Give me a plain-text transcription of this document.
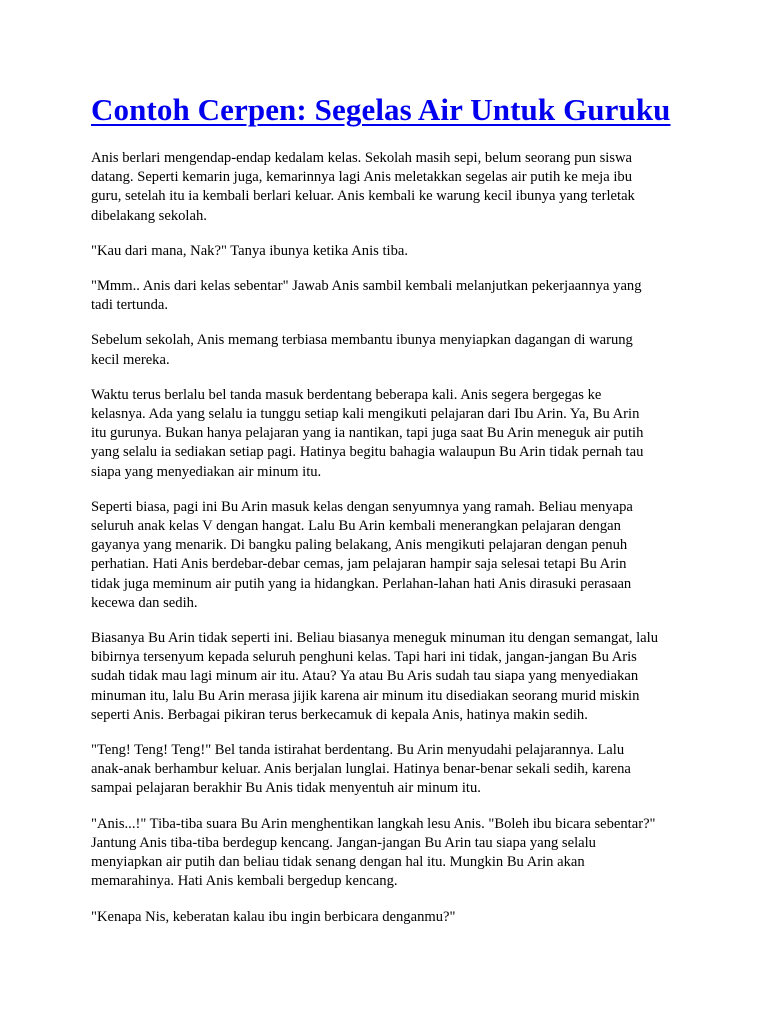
Contoh Cerpen: Segelas Air Untuk Guruku

Anis berlari mengendap-endap kedalam kelas. Sekolah masih sepi, belum seorang pun siswa
datang. Seperti kemarin juga, kemarinnya lagi Anis meletakkan segelas air putih ke meja ibu
guru, setelah itu ia kembali berlari keluar. Anis kembali ke warung kecil ibunya yang terletak
dibelakang sekolah.

"Kau dari mana, Nak?" Tanya ibunya ketika Anis tiba.

"Mmm.. Anis dari kelas sebentar" Jawab Anis sambil kembali melanjutkan pekerjaannya yang
tadi tertunda.

Sebelum sekolah, Anis memang terbiasa membantu ibunya menyiapkan dagangan di warung
kecil mereka.

Waktu terus berlalu bel tanda masuk berdentang beberapa kali. Anis segera bergegas ke
kelasnya. Ada yang selalu ia tunggu setiap kali mengikuti pelajaran dari Ibu Arin. Ya, Bu Arin
itu gurunya. Bukan hanya pelajaran yang ia nantikan, tapi juga saat Bu Arin meneguk air putih
yang selalu ia sediakan setiap pagi. Hatinya begitu bahagia walaupun Bu Arin tidak pernah tau
siapa yang menyediakan air minum itu.

Seperti biasa, pagi ini Bu Arin masuk kelas dengan senyumnya yang ramah. Beliau menyapa
seluruh anak kelas V dengan hangat. Lalu Bu Arin kembali menerangkan pelajaran dengan
gayanya yang menarik. Di bangku paling belakang, Anis mengikuti pelajaran dengan penuh
perhatian. Hati Anis berdebar-debar cemas, jam pelajaran hampir saja selesai tetapi Bu Arin
tidak juga meminum air putih yang ia hidangkan. Perlahan-lahan hati Anis dirasuki perasaan
kecewa dan sedih.

Biasanya Bu Arin tidak seperti ini. Beliau biasanya meneguk minuman itu dengan semangat, lalu
bibirnya tersenyum kepada seluruh penghuni kelas. Tapi hari ini tidak, jangan-jangan Bu Aris
sudah tidak mau lagi minum air itu. Atau? Ya atau Bu Aris sudah tau siapa yang menyediakan
minuman itu, lalu Bu Arin merasa jijik karena air minum itu disediakan seorang murid miskin
seperti Anis. Berbagai pikiran terus berkecamuk di kepala Anis, hatinya makin sedih.

"Teng! Teng! Teng!" Bel tanda istirahat berdentang. Bu Arin menyudahi pelajarannya. Lalu
anak-anak berhambur keluar. Anis berjalan lunglai. Hatinya benar-benar sekali sedih, karena
sampai pelajaran berakhir Bu Anis tidak menyentuh air minum itu.

"Anis...!" Tiba-tiba suara Bu Arin menghentikan langkah lesu Anis. "Boleh ibu bicara sebentar?"
Jantung Anis tiba-tiba berdegup kencang. Jangan-jangan Bu Arin tau siapa yang selalu
menyiapkan air putih dan beliau tidak senang dengan hal itu. Mungkin Bu Arin akan
memarahinya. Hati Anis kembali bergedup kencang.

"Kenapa Nis, keberatan kalau ibu ingin berbicara denganmu?"
